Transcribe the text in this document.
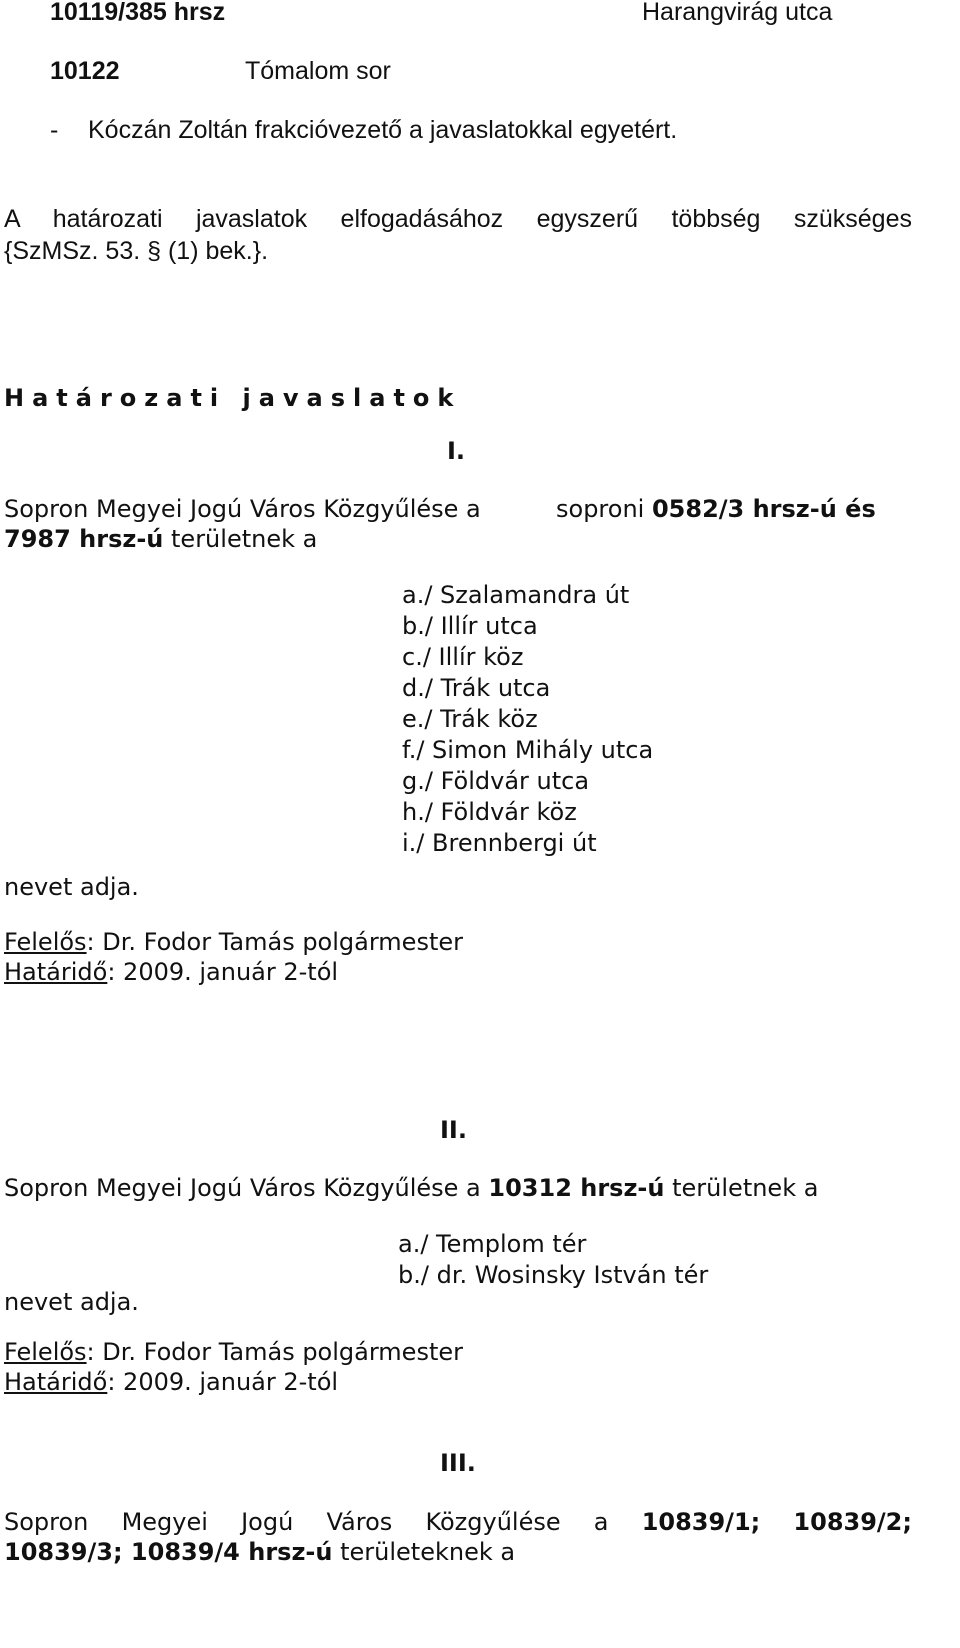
10119/385 hrsz	Harangvirág utca
10122	Tómalom sor
- Kóczán Zoltán frakcióvezető a javaslatokkal egyetért.
A határozati javaslatok elfogadásához egyszerű többség szükséges
{SzMSz. 53. § (1) bek.}.
Határozati javaslatok
I.
Sopron Megyei Jogú Város Közgyűlése a	soproni 0582/3 hrsz-ú és
7987 hrsz-ú területnek a
a./ Szalamandra út
b./ Illír utca
c./ Illír köz
d./ Trák utca
e./ Trák köz
f./ Simon Mihály utca
g./ Földvár utca
h./ Földvár köz
i./ Brennbergi út
nevet adja.
Felelős: Dr. Fodor Tamás polgármester
Határidő: 2009. január 2-tól
II.
Sopron Megyei Jogú Város Közgyűlése a 10312 hrsz-ú területnek a
a./ Templom tér
b./ dr. Wosinsky István tér
nevet adja.
Felelős: Dr. Fodor Tamás polgármester
Határidő: 2009. január 2-tól
III.
Sopron Megyei Jogú Város Közgyűlése a 10839/1; 10839/2;
10839/3; 10839/4 hrsz-ú területeknek a
